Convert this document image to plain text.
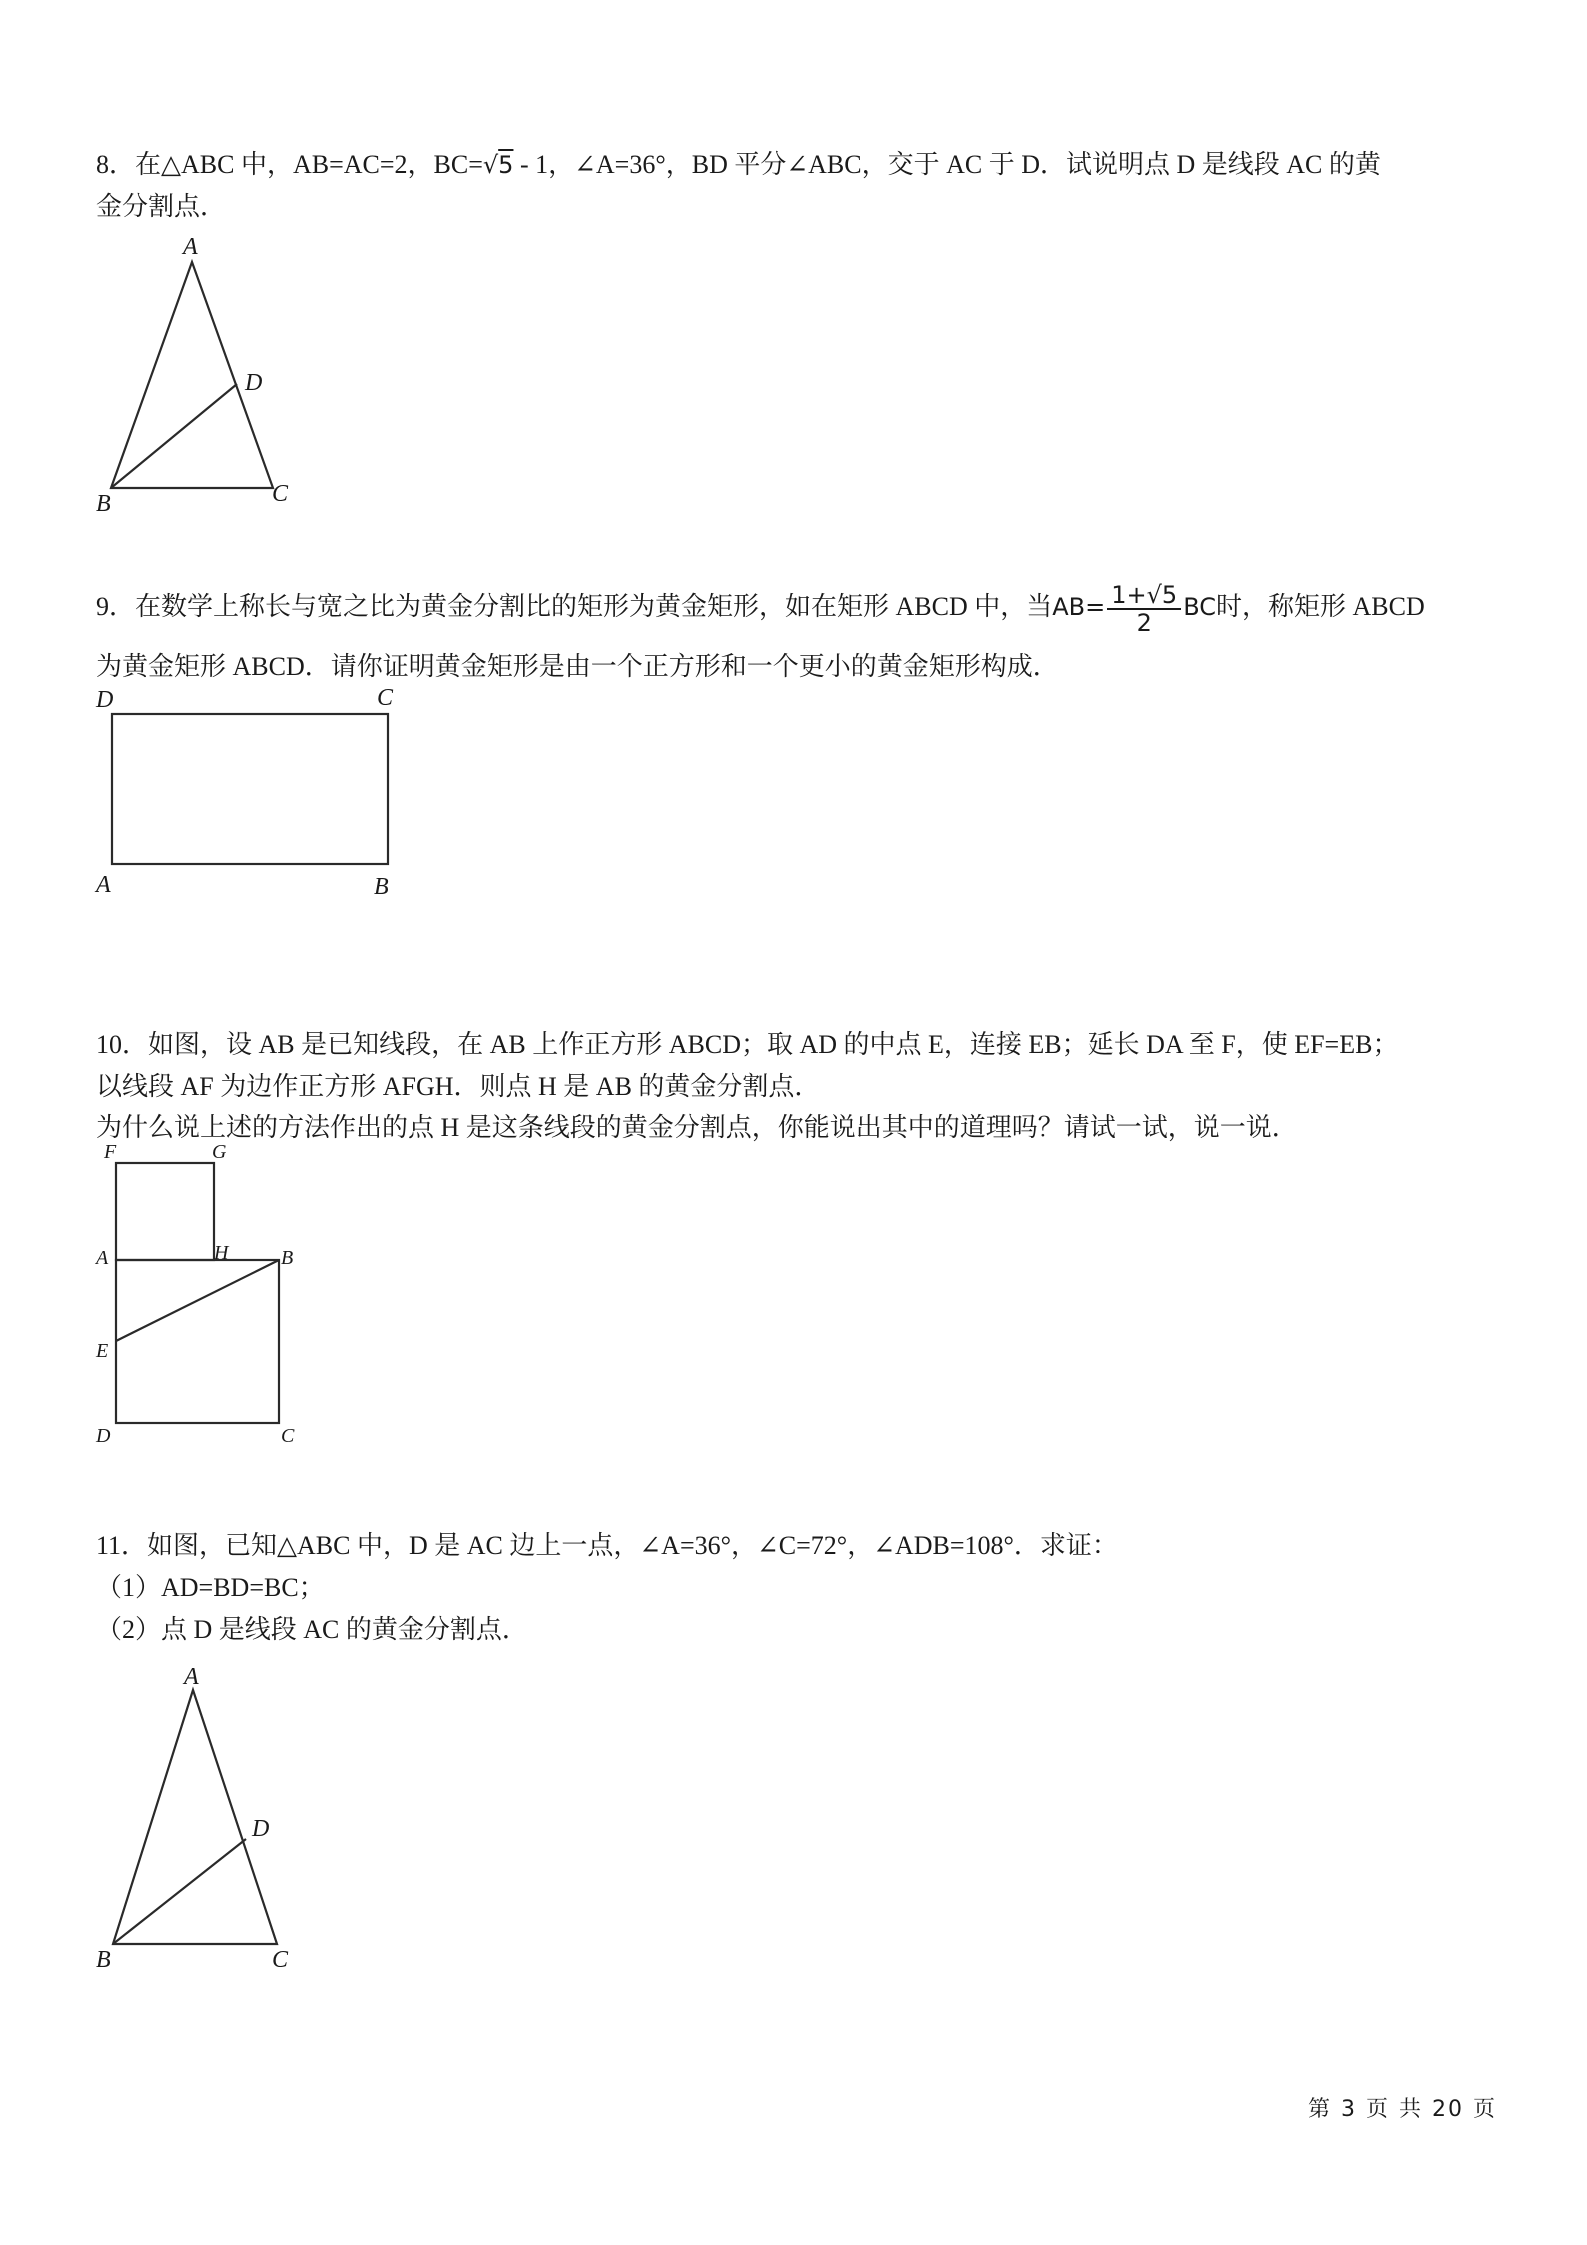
8．在△ABC 中，AB=AC=2，BC=√5 - 1，∠A=36°，BD 平分∠ABC，交于 AC 于 D．试说明点 D 是线段 AC 的黄
金分割点．
A
D
B	C
D	C
A	B
F	G
A	H	B
E
D	C
A
D
B	C
9．在数学上称长与宽之比为黄金分割比的矩形为黄金矩形，如在矩形 ABCD 中，当$AB= \frac{1+√5}{2}$ BC时，称矩形 ABCD
为黄金矩形 ABCD．请你证明黄金矩形是由一个正方形和一个更小的黄金矩形构成．
10．如图，设 AB 是已知线段，在 AB 上作正方形 ABCD；取 AD 的中点 E，连接 EB；延长 DA 至 F，使 EF=EB；
以线段 AF 为边作正方形 AFGH．则点 H 是 AB 的黄金分割点．
为什么说上述的方法作出的点 H 是这条线段的黄金分割点，你能说出其中的道理吗？请试一试，说一说．
11．如图，已知△ABC 中，D 是 AC 边上一点，∠A=36°，∠C=72°，∠ADB=108°．求证：
（1）AD=BD=BC；
（2）点 D 是线段 AC 的黄金分割点．
第 3 页 共 20 页
